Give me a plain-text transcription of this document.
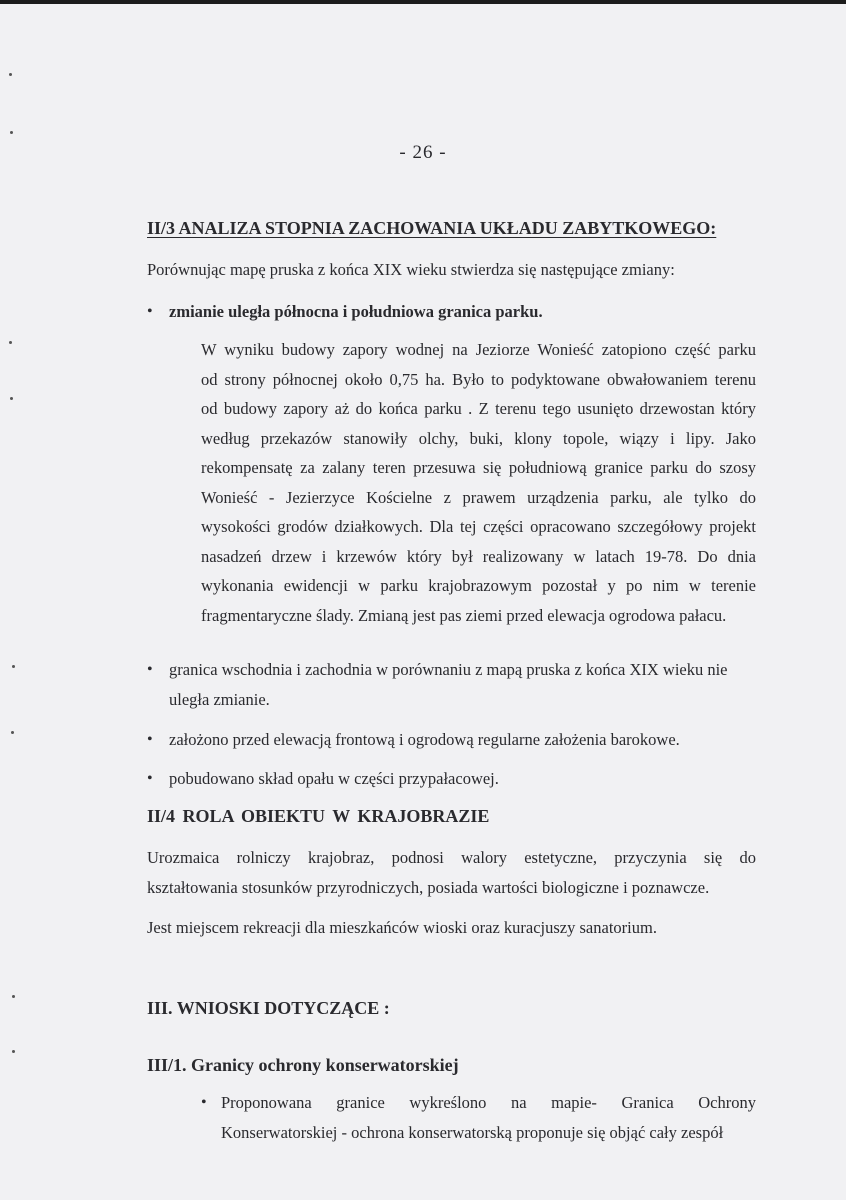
- 26 -
II/3 ANALIZA STOPNIA ZACHOWANIA UKŁADU ZABYTKOWEGO:
Porównując mapę pruska z końca XIX wieku stwierdza się następujące zmiany:
• zmianie uległa północna i południowa granica parku.
W wyniku budowy zapory wodnej na Jeziorze Wonieść zatopiono część parku
od strony północnej około 0,75 ha. Było to podyktowane obwałowaniem terenu
od budowy zapory aż do końca parku . Z terenu tego usunięto drzewostan który
według przekazów stanowiły olchy, buki, klony topole, wiązy i lipy. Jako
rekompensatę za zalany teren przesuwa się południową granice parku do szosy
Wonieść - Jezierzyce Kościelne z prawem urządzenia parku, ale tylko do
wysokości grodów działkowych. Dla tej części opracowano szczegółowy projekt
nasadzeń drzew i krzewów który był realizowany w latach 19-78. Do dnia
wykonania ewidencji w parku krajobrazowym pozostał y po nim w terenie
fragmentaryczne ślady. Zmianą jest pas ziemi przed elewacja ogrodowa pałacu.
• granica wschodnia i zachodnia w porównaniu z mapą pruska z końca XIX wieku nie
uległa zmianie.
• założono przed elewacją frontową i ogrodową regularne założenia barokowe.
• pobudowano skład opału w części przypałacowej.
II/4 ROLA OBIEKTU W KRAJOBRAZIE
Urozmaica rolniczy krajobraz, podnosi walory estetyczne, przyczynia się do
kształtowania stosunków przyrodniczych, posiada wartości biologiczne i poznawcze.
Jest miejscem rekreacji dla mieszkańców wioski oraz kuracjuszy sanatorium.
III. WNIOSKI DOTYCZĄCE :
III/1. Granicy ochrony konserwatorskiej
• Proponowana granice wykreślono na mapie- Granica Ochrony
Konserwatorskiej - ochrona konserwatorską proponuje się objąć cały zespół
